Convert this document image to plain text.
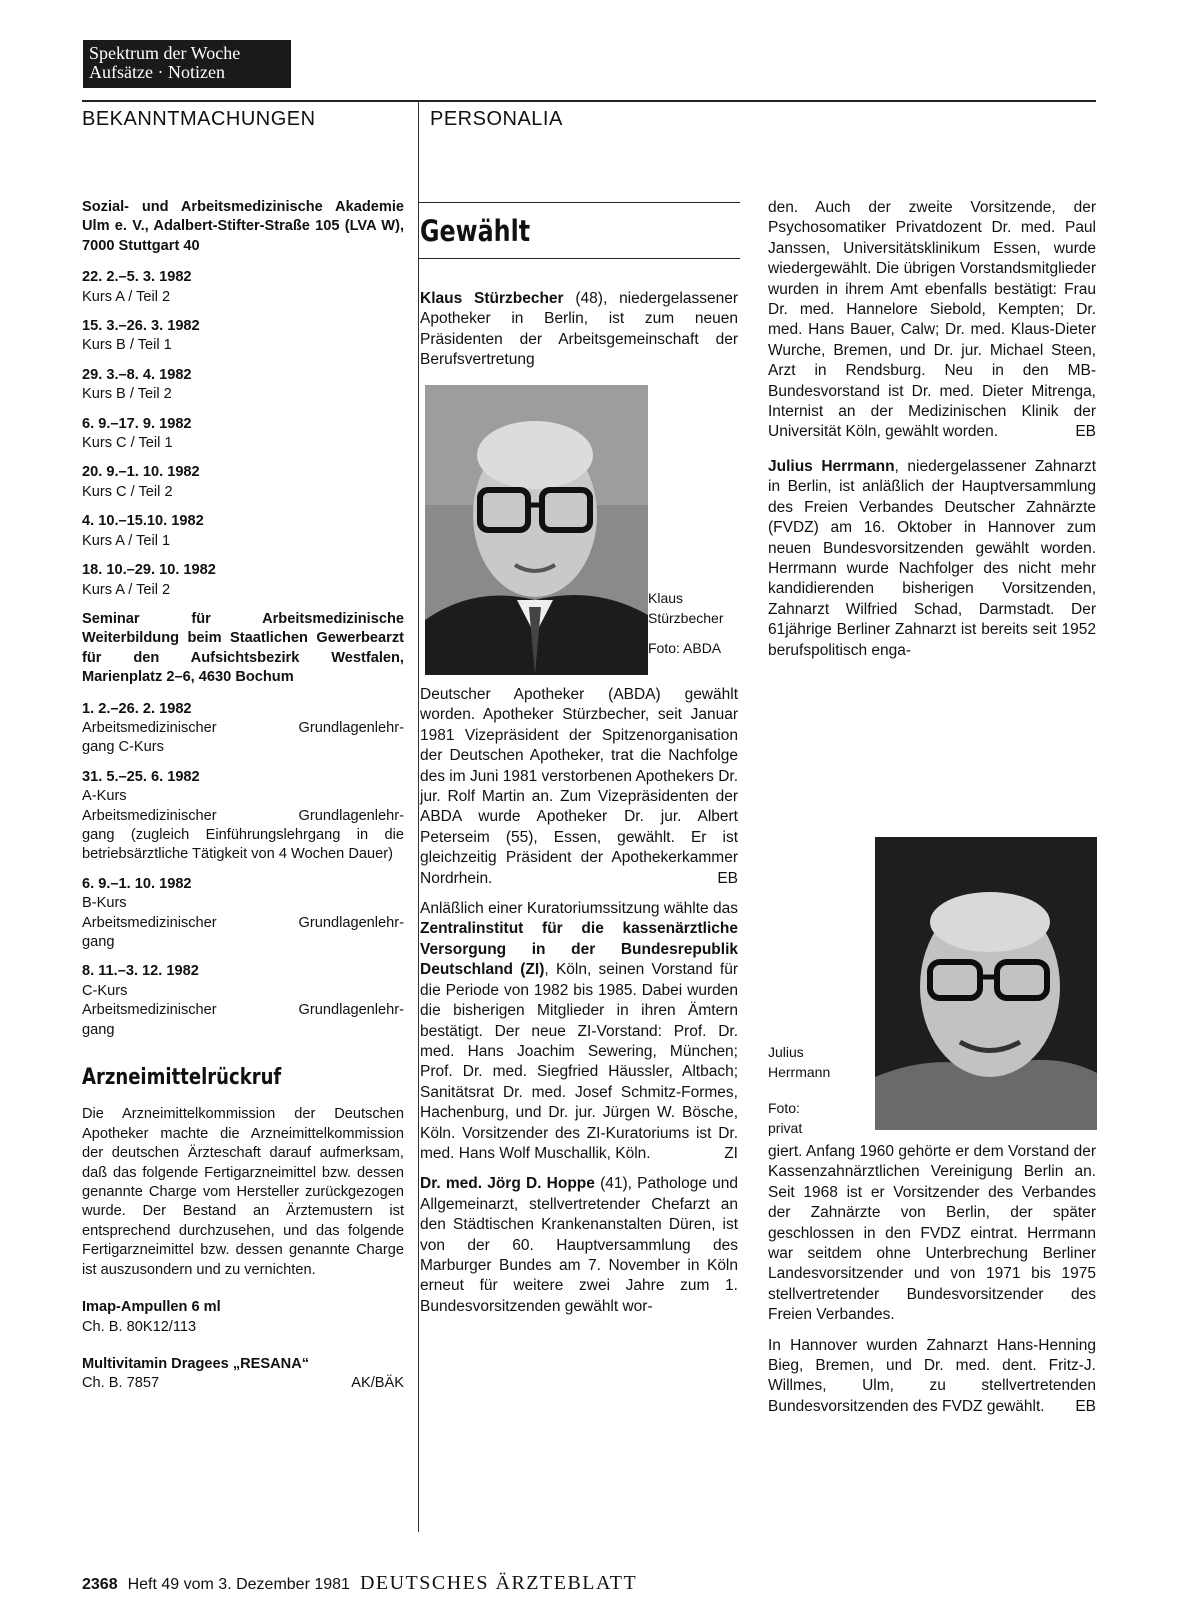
Spektrum der Woche
Aufsätze · Notizen
BEKANNTMACHUNGEN	PERSONALIA
Sozial- und Arbeitsmedizinische Akademie Ulm e. V., Adalbert-Stifter-Straße 105 (LVA W), 7000 Stuttgart 40
22. 2.–5. 3. 1982
Kurs A / Teil 2
15. 3.–26. 3. 1982
Kurs B / Teil 1
29. 3.–8. 4. 1982
Kurs B / Teil 2
6. 9.–17. 9. 1982
Kurs C / Teil 1
20. 9.–1. 10. 1982
Kurs C / Teil 2
4. 10.–15.10. 1982
Kurs A / Teil 1
18. 10.–29. 10. 1982
Kurs A / Teil 2
Seminar für Arbeitsmedizinische Weiterbildung beim Staatlichen Gewerbearzt für den Aufsichtsbezirk Westfalen, Marienplatz 2–6, 4630 Bochum
1. 2.–26. 2. 1982
Arbeitsmedizinischer	Grundlagenlehr-
gang C-Kurs
31. 5.–25. 6. 1982
A-Kurs
Arbeitsmedizinischer	Grundlagenlehr-
gang (zugleich Einführungslehrgang in die betriebsärztliche Tätigkeit von 4 Wochen Dauer)
6. 9.–1. 10. 1982
B-Kurs
Arbeitsmedizinischer	Grundlagenlehr-
gang
8. 11.–3. 12. 1982
C-Kurs
Arbeitsmedizinischer	Grundlagenlehr-
gang
Arzneimittelrückruf
Die Arzneimittelkommission der Deutschen Apotheker machte die Arzneimittelkommission der deutschen Ärzteschaft darauf aufmerksam, daß das folgende Fertigarzneimittel bzw. dessen genannte Charge vom Hersteller zurückgezogen wurde. Der Bestand an Ärztemustern ist entsprechend durchzusehen, und das folgende Fertigarzneimittel bzw. dessen genannte Charge ist auszusondern und zu vernichten.
Imap-Ampullen 6 ml
Ch. B. 80K12/113
Multivitamin Dragees „RESANA“
Ch. B. 7857	AK/BÄK
Gewählt

Klaus Stürzbecher (48), niedergelassener Apotheker in Berlin, ist zum neuen Präsidenten der Arbeitsgemeinschaft der Berufsvertretung

Klaus
Stürzbecher
Foto: ABDA

Deutscher Apotheker (ABDA) gewählt worden. Apotheker Stürzbecher, seit Januar 1981 Vizepräsident der Spitzenorganisation der Deutschen Apotheker, trat die Nachfolge des im Juni 1981 verstorbenen Apothekers Dr. jur. Rolf Martin an. Zum Vizepräsidenten der ABDA wurde Apotheker Dr. jur. Albert Peterseim (55), Essen, gewählt. Er ist gleichzeitig Präsident der Apothekerkammer Nordrhein.	EB

Anläßlich einer Kuratoriumssitzung wählte das Zentralinstitut für die kassenärztliche Versorgung in der Bundesrepublik Deutschland (ZI), Köln, seinen Vorstand für die Periode von 1982 bis 1985. Dabei wurden die bisherigen Mitglieder in ihren Ämtern bestätigt. Der neue ZI-Vorstand: Prof. Dr. med. Hans Joachim Sewering, München; Prof. Dr. med. Siegfried Häussler, Altbach; Sanitätsrat Dr. med. Josef Schmitz-Formes, Hachenburg, und Dr. jur. Jürgen W. Bösche, Köln. Vorsitzender des ZI-Kuratoriums ist Dr. med. Hans Wolf Muschallik, Köln.	ZI

Dr. med. Jörg D. Hoppe (41), Pathologe und Allgemeinarzt, stellvertretender Chefarzt an den Städtischen Krankenanstalten Düren, ist von der 60. Hauptversammlung des Marburger Bundes am 7. November in Köln erneut für weitere zwei Jahre zum 1. Bundesvorsitzenden gewählt wor-

den. Auch der zweite Vorsitzende, der Psychosomatiker Privatdozent Dr. med. Paul Janssen, Universitätsklinikum Essen, wurde wiedergewählt. Die übrigen Vorstandsmitglieder wurden in ihrem Amt ebenfalls bestätigt: Frau Dr. med. Hannelore Siebold, Kempten; Dr. med. Hans Bauer, Calw; Dr. med. Klaus-Dieter Wurche, Bremen, und Dr. jur. Michael Steen, Arzt in Rendsburg. Neu in den MB-Bundesvorstand ist Dr. med. Dieter Mitrenga, Internist an der Medizinischen Klinik der Universität Köln, gewählt worden.	EB

Julius Herrmann, niedergelassener Zahnarzt in Berlin, ist anläßlich der Hauptversammlung des Freien Verbandes Deutscher Zahnärzte (FVDZ) am 16. Oktober in Hannover zum neuen Bundesvorsitzenden gewählt worden. Herrmann wurde Nachfolger des nicht mehr kandidierenden bisherigen Vorsitzenden, Zahnarzt Wilfried Schad, Darmstadt. Der 61jährige Berliner Zahnarzt ist bereits seit 1952 berufspolitisch enga-

Julius
Herrmann
Foto:
privat

giert. Anfang 1960 gehörte er dem Vorstand der Kassenzahnärztlichen Vereinigung Berlin an. Seit 1968 ist er Vorsitzender des Verbandes der Zahnärzte von Berlin, der später geschlossen in den FVDZ eintrat. Herrmann war seitdem ohne Unterbrechung Berliner Landesvorsitzender und von 1971 bis 1975 stellvertretender Bundesvorsitzender des Freien Verbandes.

In Hannover wurden Zahnarzt Hans-Henning Bieg, Bremen, und Dr. med. dent. Fritz-J. Willmes, Ulm, zu stellvertretenden Bundesvorsitzenden des FVDZ gewählt. EB

2368 Heft 49 vom 3. Dezember 1981 DEUTSCHES ÄRZTEBLATT
